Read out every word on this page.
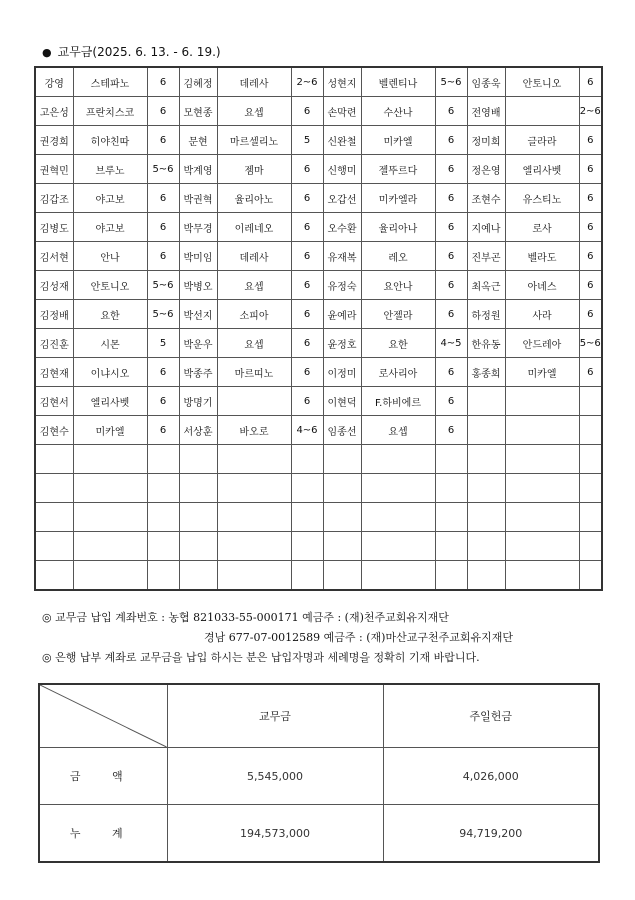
● 교무금(2025. 6. 13. - 6. 19.)
강영	스테파노	6	김혜정	데레사	2~6	성현지	벨렌티나	5~6	임종욱	안토니오	6
고은성	프란치스코	6	모현종	요셉	6	손막련	수산나	6	전영배		2~6
권경희	히야친따	6	문현	마르셀리노	5	신완철	미카엘	6	정미희	글라라	6
권혁민	브루노	5~6	박계영	젬마	6	신행미	젤뚜르다	6	정은영	엘리사벳	6
김갑조	야고보	6	박권혁	율리아노	6	오갑선	미카엘라	6	조현수	유스티노	6
김병도	야고보	6	박무경	이레네오	6	오수환	율리아나	6	지예나	로사	6
김서현	안나	6	박미임	데레사	6	유재복	레오	6	진부곤	벨라도	6
김성재	안토니오	5~6	박병오	요셉	6	유정숙	요안나	6	최옥근	아녜스	6
김정배	요한	5~6	박선지	소피아	6	윤예라	안젤라	6	하정원	사라	6
김진훈	시몬	5	박운우	요셉	6	윤정호	요한	4~5	한유동	안드레아	5~6
김현재	이냐시오	6	박종주	마르띠노	6	이정미	로사리아	6	홍종희	미카엘	6
김현서	엘리사벳	6	방명기		6	이현덕	F.하비에르	6			
김현수	미카엘	6	서상훈	바오로	4~6	임종선	요셉	6			

◎ 교무금 납입 계좌번호 : 농협 821033-55-000171 예금주 : (재)천주교회유지재단
경남 677-07-0012589 예금주 : (재)마산교구천주교회유지재단
◎ 은행 납부 계좌로 교무금을 납입 하시는 분은 납입자명과 세례명을 정확히 기재 바랍니다.
	교무금	주일헌금
금 액	5,545,000	4,026,000
누 계	194,573,000	94,719,200
